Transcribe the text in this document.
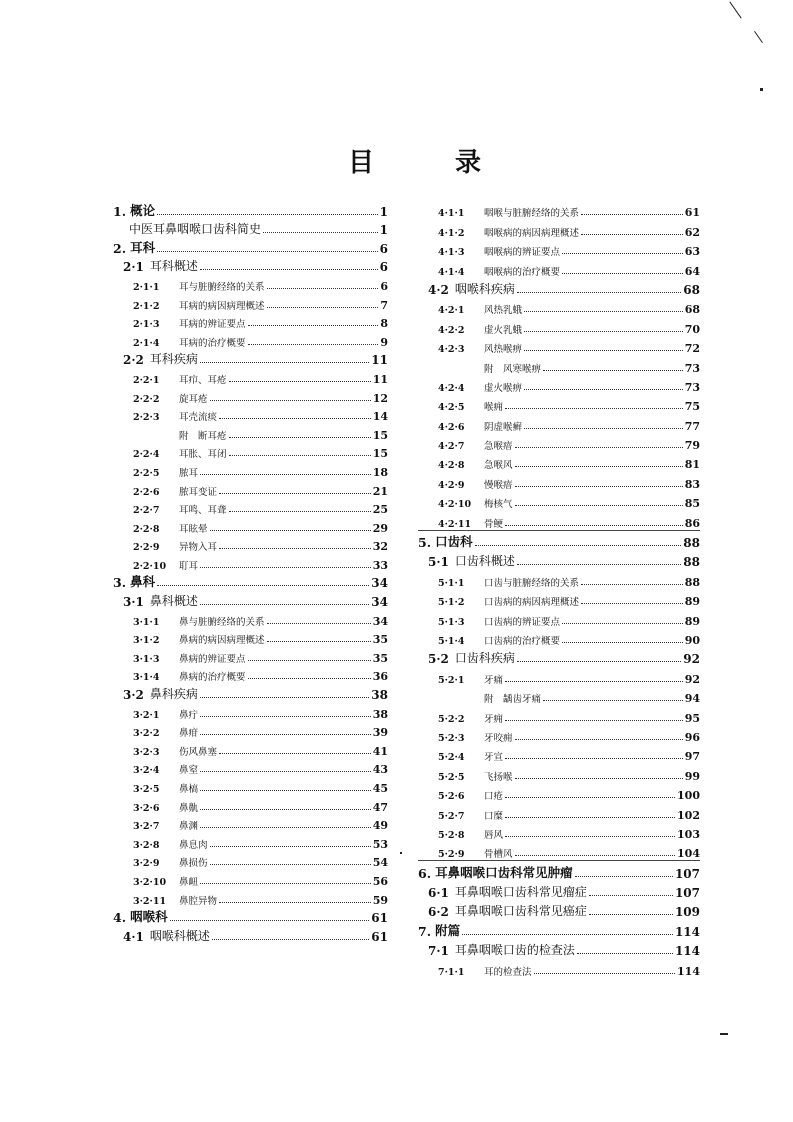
目 录
1. 概论	1
中医耳鼻咽喉口齿科简史	1
2. 耳科	6
2·1 耳科概述	6
2·1·1	耳与脏腑经络的关系	6
2·1·2	耳病的病因病理概述	7
2·1·3	耳病的辨证要点	8
2·1·4	耳病的治疗概要	9
2·2 耳科疾病	11
2·2·1	耳疖、耳疮	11
2·2·2	旋耳疮	12
2·2·3	耳壳流痰	14
附　断耳疮	15
2·2·4	耳胀、耳闭	15
2·2·5	脓耳	18
2·2·6	脓耳变证	21
2·2·7	耳鸣、耳聋	25
2·2·8	耳眩晕	29
2·2·9	异物入耳	32
2·2·10	耵耳	33
3. 鼻科	34
3·1 鼻科概述	34
3·1·1	鼻与脏腑经络的关系	34
3·1·2	鼻病的病因病理概述	35
3·1·3	鼻病的辨证要点	35
3·1·4	鼻病的治疗概要	36
3·2 鼻科疾病	38
3·2·1	鼻疔	38
3·2·2	鼻疳	39
3·2·3	伤风鼻塞	41
3·2·4	鼻窒	43
3·2·5	鼻槁	45
3·2·6	鼻鼽	47
3·2·7	鼻渊	49
3·2·8	鼻息肉	53
3·2·9	鼻损伤	54
3·2·10	鼻衄	56
3·2·11	鼻腔异物	59
4. 咽喉科	61
4·1 咽喉科概述	61
4·1·1	咽喉与脏腑经络的关系	61
4·1·2	咽喉病的病因病理概述	62
4·1·3	咽喉病的辨证要点	63
4·1·4	咽喉病的治疗概要	64
4·2 咽喉科疾病	68
4·2·1	风热乳蛾	68
4·2·2	虚火乳蛾	70
4·2·3	风热喉痹	72
附　风寒喉痹	73
4·2·4	虚火喉痹	73
4·2·5	喉痈	75
4·2·6	阴虚喉癣	77
4·2·7	急喉瘖	79
4·2·8	急喉风	81
4·2·9	慢喉瘖	83
4·2·10	梅核气	85
4·2·11	骨鲠	86
5. 口齿科	88
5·1 口齿科概述	88
5·1·1	口齿与脏腑经络的关系	88
5·1·2	口齿病的病因病理概述	89
5·1·3	口齿病的辨证要点	89
5·1·4	口齿病的治疗概要	90
5·2 口齿科疾病	92
5·2·1	牙痛	92
附　龋齿牙痛	94
5·2·2	牙痈	95
5·2·3	牙咬痈	96
5·2·4	牙宣	97
5·2·5	飞扬喉	99
5·2·6	口疮	100
5·2·7	口糜	102
5·2·8	唇风	103
5·2·9	骨槽风	104
6. 耳鼻咽喉口齿科常见肿瘤	107
6·1 耳鼻咽喉口齿科常见瘤症	107
6·2 耳鼻咽喉口齿科常见癌症	109
7. 附篇	114
7·1 耳鼻咽喉口齿的检查法	114
7·1·1	耳的检查法	114
